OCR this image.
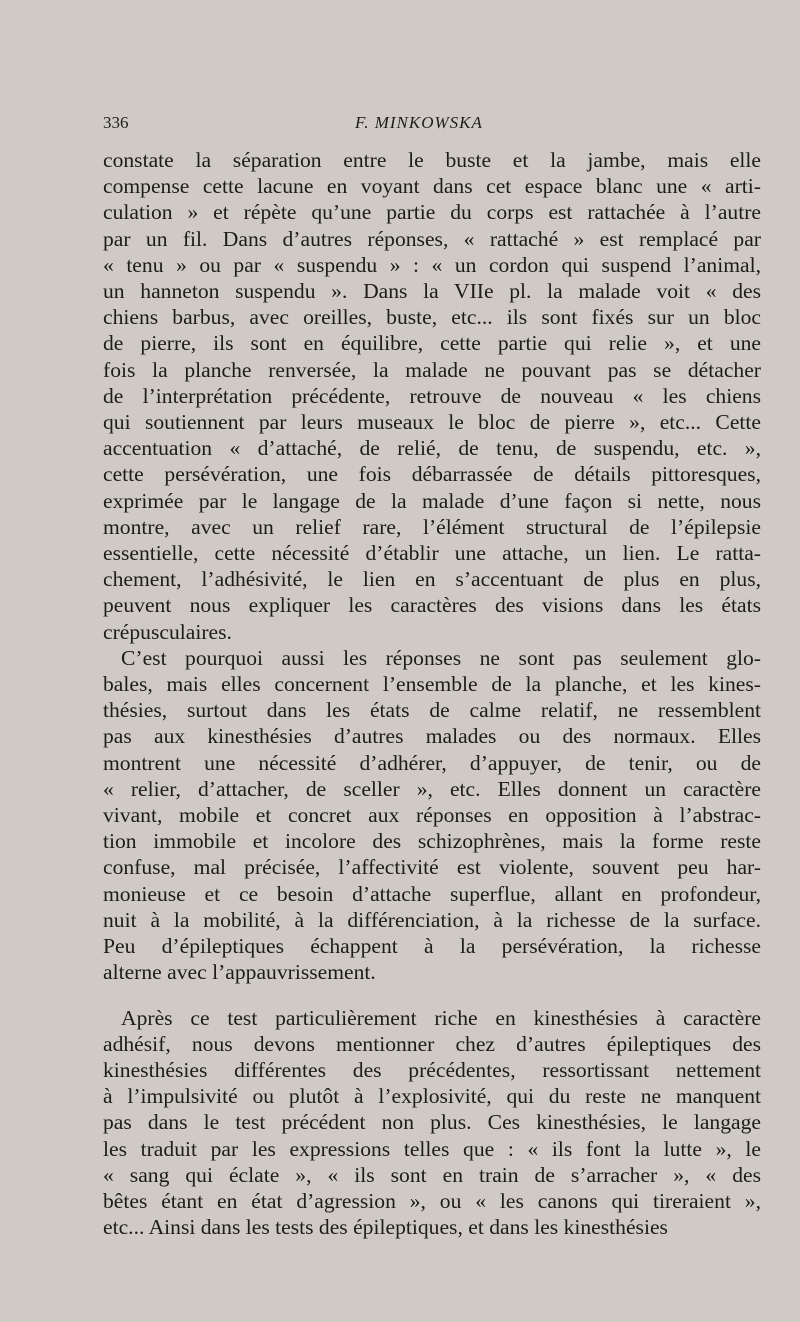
336	F. MINKOWSKA
constate la séparation entre le buste et la jambe, mais elle
compense cette lacune en voyant dans cet espace blanc une « arti-
culation » et répète qu’une partie du corps est rattachée à l’autre
par un fil. Dans d’autres réponses, « rattaché » est remplacé par
« tenu » ou par « suspendu » : « un cordon qui suspend l’animal,
un hanneton suspendu ». Dans la VIIe pl. la malade voit « des
chiens barbus, avec oreilles, buste, etc... ils sont fixés sur un bloc
de pierre, ils sont en équilibre, cette partie qui relie », et une
fois la planche renversée, la malade ne pouvant pas se détacher
de l’interprétation précédente, retrouve de nouveau « les chiens
qui soutiennent par leurs museaux le bloc de pierre », etc... Cette
accentuation « d’attaché, de relié, de tenu, de suspendu, etc. »,
cette persévération, une fois débarrassée de détails pittoresques,
exprimée par le langage de la malade d’une façon si nette, nous
montre, avec un relief rare, l’élément structural de l’épilepsie
essentielle, cette nécessité d’établir une attache, un lien. Le ratta-
chement, l’adhésivité, le lien en s’accentuant de plus en plus,
peuvent nous expliquer les caractères des visions dans les états
crépusculaires.
C’est pourquoi aussi les réponses ne sont pas seulement glo-
bales, mais elles concernent l’ensemble de la planche, et les kines-
thésies, surtout dans les états de calme relatif, ne ressemblent
pas aux kinesthésies d’autres malades ou des normaux. Elles
montrent une nécessité d’adhérer, d’appuyer, de tenir, ou de
« relier, d’attacher, de sceller », etc. Elles donnent un caractère
vivant, mobile et concret aux réponses en opposition à l’abstrac-
tion immobile et incolore des schizophrènes, mais la forme reste
confuse, mal précisée, l’affectivité est violente, souvent peu har-
monieuse et ce besoin d’attache superflue, allant en profondeur,
nuit à la mobilité, à la différenciation, à la richesse de la surface.
Peu d’épileptiques échappent à la persévération, la richesse
alterne avec l’appauvrissement.
Après ce test particulièrement riche en kinesthésies à caractère
adhésif, nous devons mentionner chez d’autres épileptiques des
kinesthésies différentes des précédentes, ressortissant nettement
à l’impulsivité ou plutôt à l’explosivité, qui du reste ne manquent
pas dans le test précédent non plus. Ces kinesthésies, le langage
les traduit par les expressions telles que : « ils font la lutte », le
« sang qui éclate », « ils sont en train de s’arracher », « des
bêtes étant en état d’agression », ou « les canons qui tireraient »,
etc... Ainsi dans les tests des épileptiques, et dans les kinesthésies
